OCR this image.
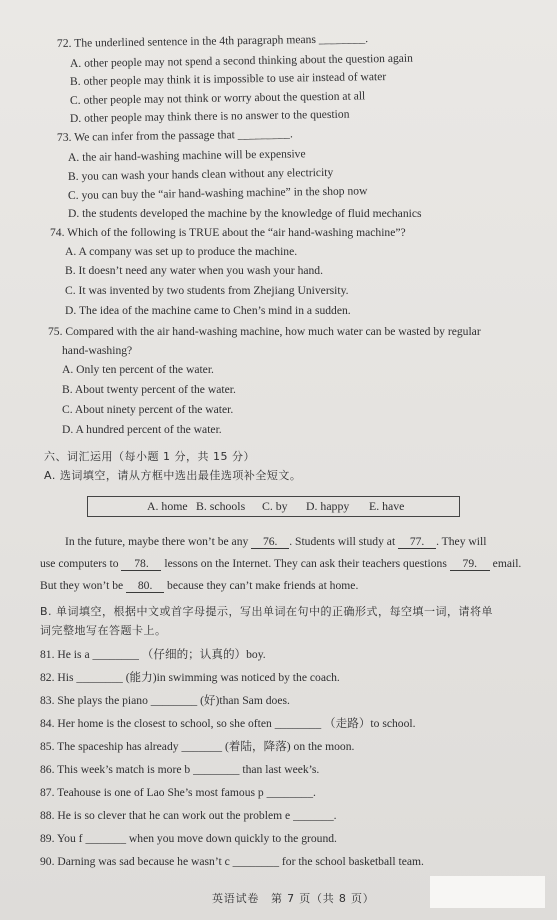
72. The underlined sentence in the 4th paragraph means ________.
A. other people may not spend a second thinking about the question again
B. other people may think it is impossible to use air instead of water
C. other people may not think or worry about the question at all
D. other people may think there is no answer to the question
73. We can infer from the passage that _________.
A. the air hand-washing machine will be expensive
B. you can wash your hands clean without any electricity
C. you can buy the “air hand-washing machine” in the shop now
D. the students developed the machine by the knowledge of fluid mechanics
74. Which of the following is TRUE about the “air hand-washing machine”?
A. A company was set up to produce the machine.
B. It doesn’t need any water when you wash your hand.
C. It was invented by two students from Zhejiang University.
D. The idea of the machine came to Chen’s mind in a sudden.
75. Compared with the air hand-washing machine, how much water can be wasted by regular
hand-washing?
A. Only ten percent of the water.
B. About twenty percent of the water.
C. About ninety percent of the water.
D. A hundred percent of the water.
六、词汇运用（每小题 1 分，共 15 分）
A. 选词填空，请从方框中选出最佳选项补全短文。
A. home B. schools C. by D. happy E. have
In the future, maybe there won’t be any 76. . Students will study at 77. . They will
use computers to 78. lessons on the Internet. They can ask their teachers questions 79. email.
But they won’t be 80. because they can’t make friends at home.
B. 单词填空，根据中文或首字母提示，写出单词在句中的正确形式，每空填一词，请将单
词完整地写在答题卡上。
81. He is a ________ （仔细的；认真的）boy.
82. His ________ (能力)in swimming was noticed by the coach.
83. She plays the piano ________ (好)than Sam does.
84. Her home is the closest to school, so she often ________ （走路）to school.
85. The spaceship has already _______ (着陆，降落) on the moon.
86. This week’s match is more b ________ than last week’s.
87. Teahouse is one of Lao She’s most famous p ________.
88. He is so clever that he can work out the problem e _______.
89. You f _______ when you move down quickly to the ground.
90. Darning was sad because he wasn’t c ________ for the school basketball team.
英语试卷　第 7 页（共 8 页）
